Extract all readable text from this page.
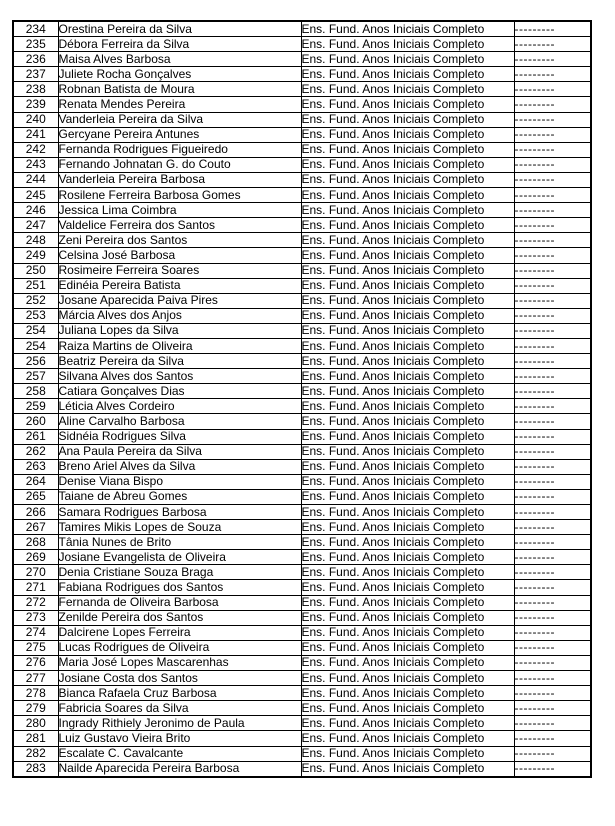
234	Orestina Pereira da Silva	Ens. Fund. Anos Iniciais Completo	---------
235	Débora Ferreira da Silva	Ens. Fund. Anos Iniciais Completo	---------
236	Maisa Alves Barbosa	Ens. Fund. Anos Iniciais Completo	---------
237	Juliete Rocha Gonçalves	Ens. Fund. Anos Iniciais Completo	---------
238	Robnan Batista de Moura	Ens. Fund. Anos Iniciais Completo	---------
239	Renata Mendes Pereira	Ens. Fund. Anos Iniciais Completo	---------
240	Vanderleia Pereira da Silva	Ens. Fund. Anos Iniciais Completo	---------
241	Gercyane Pereira Antunes	Ens. Fund. Anos Iniciais Completo	---------
242	Fernanda Rodrigues Figueiredo	Ens. Fund. Anos Iniciais Completo	---------
243	Fernando Johnatan G. do Couto	Ens. Fund. Anos Iniciais Completo	---------
244	Vanderleia Pereira Barbosa	Ens. Fund. Anos Iniciais Completo	---------
245	Rosilene Ferreira Barbosa Gomes	Ens. Fund. Anos Iniciais Completo	---------
246	Jessica Lima Coimbra	Ens. Fund. Anos Iniciais Completo	---------
247	Valdelice Ferreira dos Santos	Ens. Fund. Anos Iniciais Completo	---------
248	Zeni Pereira dos Santos	Ens. Fund. Anos Iniciais Completo	---------
249	Celsina José Barbosa	Ens. Fund. Anos Iniciais Completo	---------
250	Rosimeire Ferreira Soares	Ens. Fund. Anos Iniciais Completo	---------
251	Edinéia Pereira Batista	Ens. Fund. Anos Iniciais Completo	---------
252	Josane Aparecida Paiva Pires	Ens. Fund. Anos Iniciais Completo	---------
253	Márcia Alves dos Anjos	Ens. Fund. Anos Iniciais Completo	---------
254	Juliana Lopes da Silva	Ens. Fund. Anos Iniciais Completo	---------
254	Raiza Martins de Oliveira	Ens. Fund. Anos Iniciais Completo	---------
256	Beatriz Pereira da Silva	Ens. Fund. Anos Iniciais Completo	---------
257	Silvana Alves dos Santos	Ens. Fund. Anos Iniciais Completo	---------
258	Catiara Gonçalves Dias	Ens. Fund. Anos Iniciais Completo	---------
259	Léticia Alves Cordeiro	Ens. Fund. Anos Iniciais Completo	---------
260	Aline Carvalho Barbosa	Ens. Fund. Anos Iniciais Completo	---------
261	Sidnéia Rodrigues Silva	Ens. Fund. Anos Iniciais Completo	---------
262	Ana Paula Pereira da Silva	Ens. Fund. Anos Iniciais Completo	---------
263	Breno Ariel Alves da Silva	Ens. Fund. Anos Iniciais Completo	---------
264	Denise Viana Bispo	Ens. Fund. Anos Iniciais Completo	---------
265	Taiane de Abreu Gomes	Ens. Fund. Anos Iniciais Completo	---------
266	Samara Rodrigues Barbosa	Ens. Fund. Anos Iniciais Completo	---------
267	Tamires Mikis Lopes de Souza	Ens. Fund. Anos Iniciais Completo	---------
268	Tânia Nunes de Brito	Ens. Fund. Anos Iniciais Completo	---------
269	Josiane Evangelista de Oliveira	Ens. Fund. Anos Iniciais Completo	---------
270	Denia Cristiane Souza Braga	Ens. Fund. Anos Iniciais Completo	---------
271	Fabiana Rodrigues dos Santos	Ens. Fund. Anos Iniciais Completo	---------
272	Fernanda de Oliveira Barbosa	Ens. Fund. Anos Iniciais Completo	---------
273	Zenilde Pereira dos Santos	Ens. Fund. Anos Iniciais Completo	---------
274	Dalcirene Lopes Ferreira	Ens. Fund. Anos Iniciais Completo	---------
275	Lucas Rodrigues de Oliveira	Ens. Fund. Anos Iniciais Completo	---------
276	Maria José Lopes Mascarenhas	Ens. Fund. Anos Iniciais Completo	---------
277	Josiane Costa dos Santos	Ens. Fund. Anos Iniciais Completo	---------
278	Bianca Rafaela Cruz Barbosa	Ens. Fund. Anos Iniciais Completo	---------
279	Fabricia Soares da Silva	Ens. Fund. Anos Iniciais Completo	---------
280	Ingrady Rithiely Jeronimo de Paula	Ens. Fund. Anos Iniciais Completo	---------
281	Luiz Gustavo Vieira Brito	Ens. Fund. Anos Iniciais Completo	---------
282	Escalate C. Cavalcante	Ens. Fund. Anos Iniciais Completo	---------
283	Nailde Aparecida Pereira Barbosa	Ens. Fund. Anos Iniciais Completo	---------
